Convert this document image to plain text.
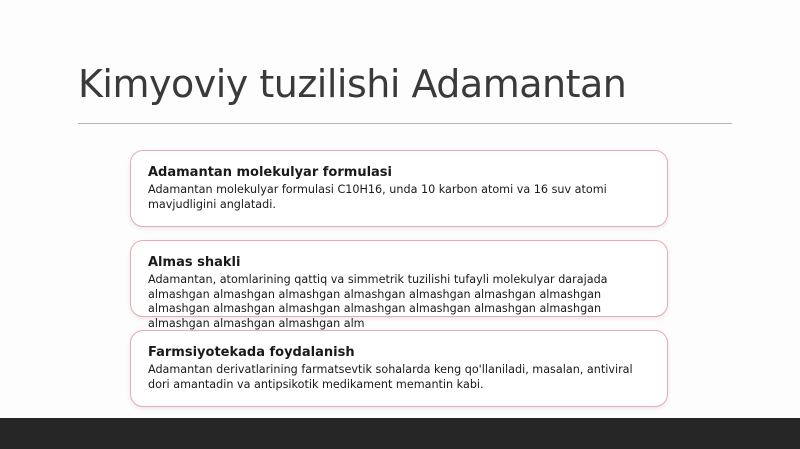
Kimyoviy tuzilishi Adamantan
Adamantan molekulyar formulasi
Adamantan molekulyar formulasi C10H16, unda 10 karbon atomi va 16 suv atomi mavjudligini anglatadi.
Almas shakli
Adamantan, atomlarining qattiq va simmetrik tuzilishi tufayli molekulyar darajada
almashgan almashgan almashgan almashgan almashgan almashgan almashgan
almashgan almashgan almashgan almashgan almashgan almashgan almashgan
almashgan almashgan almashgan alm
Farmsiyotekada foydalanish
Adamantan derivatlarining farmatsevtik sohalarda keng qo'llaniladi, masalan, antiviral dori amantadin va antipsikotik medikament memantin kabi.
